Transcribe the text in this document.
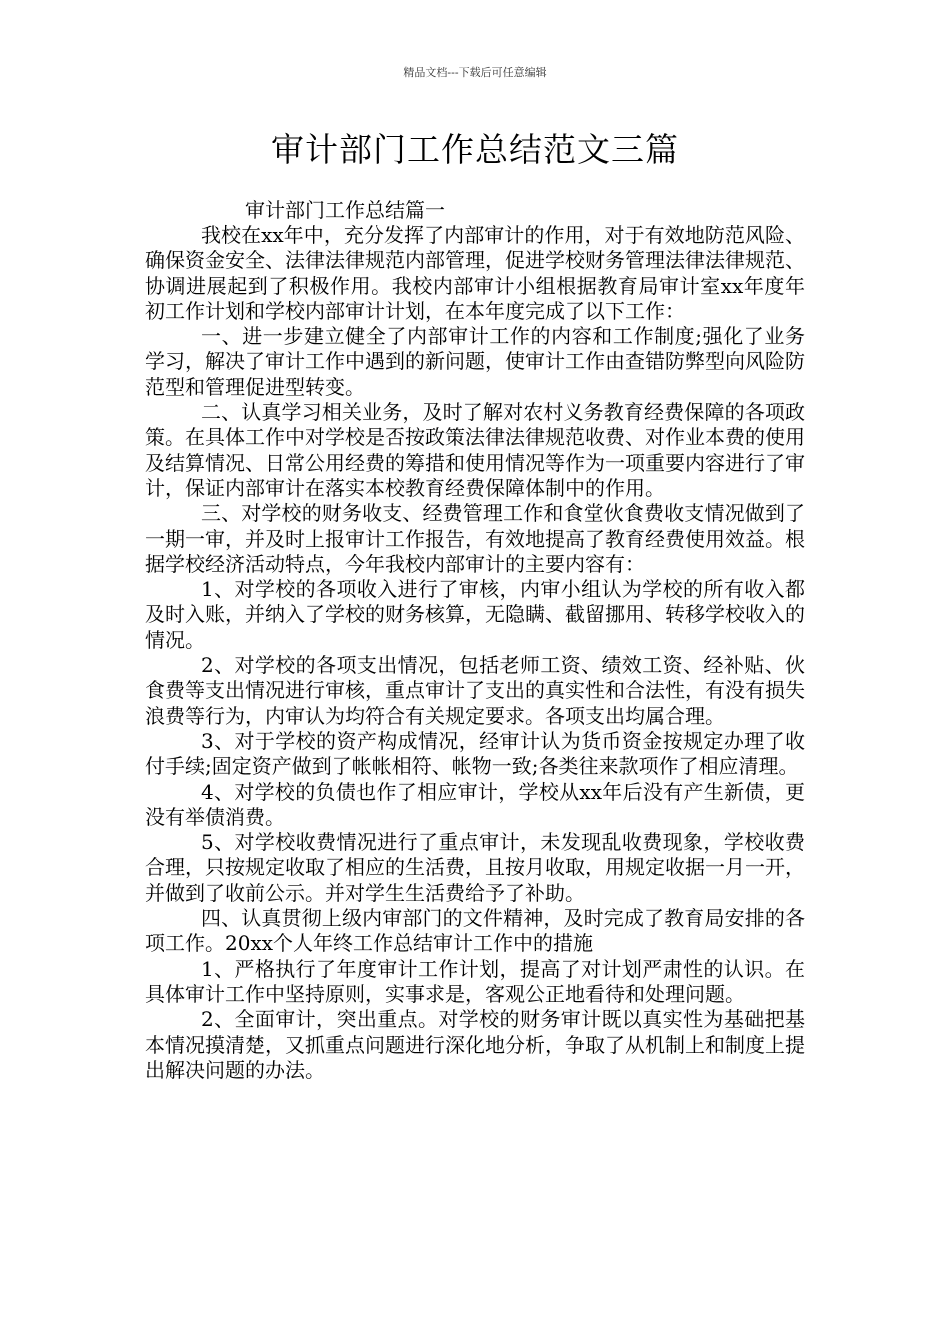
精品文档---下载后可任意编辑
审计部门工作总结范文三篇
审计部门工作总结篇一

我校在xx年中，充分发挥了内部审计的作用，对于有效地防范风险、确保资金安全、法律法律规范内部管理，促进学校财务管理法律法律规范、协调进展起到了积极作用。我校内部审计小组根据教育局审计室xx年度年初工作计划和学校内部审计计划，在本年度完成了以下工作：

一、进一步建立健全了内部审计工作的内容和工作制度;强化了业务学习，解决了审计工作中遇到的新问题，使审计工作由查错防弊型向风险防范型和管理促进型转变。

二、认真学习相关业务，及时了解对农村义务教育经费保障的各项政策。在具体工作中对学校是否按政策法律法律规范收费、对作业本费的使用及结算情况、日常公用经费的筹措和使用情况等作为一项重要内容进行了审计，保证内部审计在落实本校教育经费保障体制中的作用。

三、对学校的财务收支、经费管理工作和食堂伙食费收支情况做到了一期一审，并及时上报审计工作报告，有效地提高了教育经费使用效益。根据学校经济活动特点，今年我校内部审计的主要内容有：

1、对学校的各项收入进行了审核，内审小组认为学校的所有收入都及时入账，并纳入了学校的财务核算，无隐瞒、截留挪用、转移学校收入的情况。

2、对学校的各项支出情况，包括老师工资、绩效工资、经补贴、伙食费等支出情况进行审核，重点审计了支出的真实性和合法性，有没有损失浪费等行为，内审认为均符合有关规定要求。各项支出均属合理。

3、对于学校的资产构成情况，经审计认为货币资金按规定办理了收付手续;固定资产做到了帐帐相符、帐物一致;各类往来款项作了相应清理。

4、对学校的负债也作了相应审计，学校从xx年后没有产生新债，更没有举债消费。

5、对学校收费情况进行了重点审计，未发现乱收费现象，学校收费合理，只按规定收取了相应的生活费，且按月收取，用规定收据一月一开，并做到了收前公示。并对学生生活费给予了补助。

四、认真贯彻上级内审部门的文件精神，及时完成了教育局安排的各项工作。20xx个人年终工作总结审计工作中的措施

1、严格执行了年度审计工作计划，提高了对计划严肃性的认识。在具体审计工作中坚持原则，实事求是，客观公正地看待和处理问题。

2、全面审计，突出重点。对学校的财务审计既以真实性为基础把基本情况摸清楚，又抓重点问题进行深化地分析，争取了从机制上和制度上提出解决问题的办法。
